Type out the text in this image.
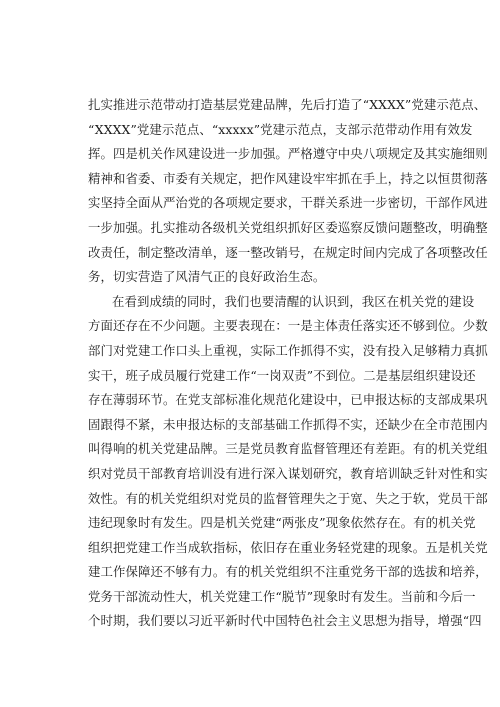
扎实推进示范带动打造基层党建品牌，先后打造了“XXXX”党建示范点、
“XXXX”党建示范点、“xxxxx”党建示范点，支部示范带动作用有效发
挥。四是机关作风建设进一步加强。严格遵守中央八项规定及其实施细则
精神和省委、市委有关规定，把作风建设牢牢抓在手上，持之以恒贯彻落
实坚持全面从严治党的各项规定要求，干群关系进一步密切，干部作风进
一步加强。扎实推动各级机关党组织抓好区委巡察反馈问题整改，明确整
改责任，制定整改清单，逐一整改销号，在规定时间内完成了各项整改任
务，切实营造了风清气正的良好政治生态。
在看到成绩的同时，我们也要清醒的认识到，我区在机关党的建设
方面还存在不少问题。主要表现在：一是主体责任落实还不够到位。少数
部门对党建工作口头上重视，实际工作抓得不实，没有投入足够精力真抓
实干，班子成员履行党建工作“一岗双责”不到位。二是基层组织建设还
存在薄弱环节。在党支部标准化规范化建设中，已申报达标的支部成果巩
固跟得不紧，未申报达标的支部基础工作抓得不实，还缺少在全市范围内
叫得响的机关党建品牌。三是党员教育监督管理还有差距。有的机关党组
织对党员干部教育培训没有进行深入谋划研究，教育培训缺乏针对性和实
效性。有的机关党组织对党员的监督管理失之于宽、失之于软，党员干部
违纪现象时有发生。四是机关党建“两张皮”现象依然存在。有的机关党
组织把党建工作当成软指标，依旧存在重业务轻党建的现象。五是机关党
建工作保障还不够有力。有的机关党组织不注重党务干部的选拔和培养，
党务干部流动性大，机关党建工作“脱节”现象时有发生。当前和今后一
个时期，我们要以习近平新时代中国特色社会主义思想为指导，增强“四
